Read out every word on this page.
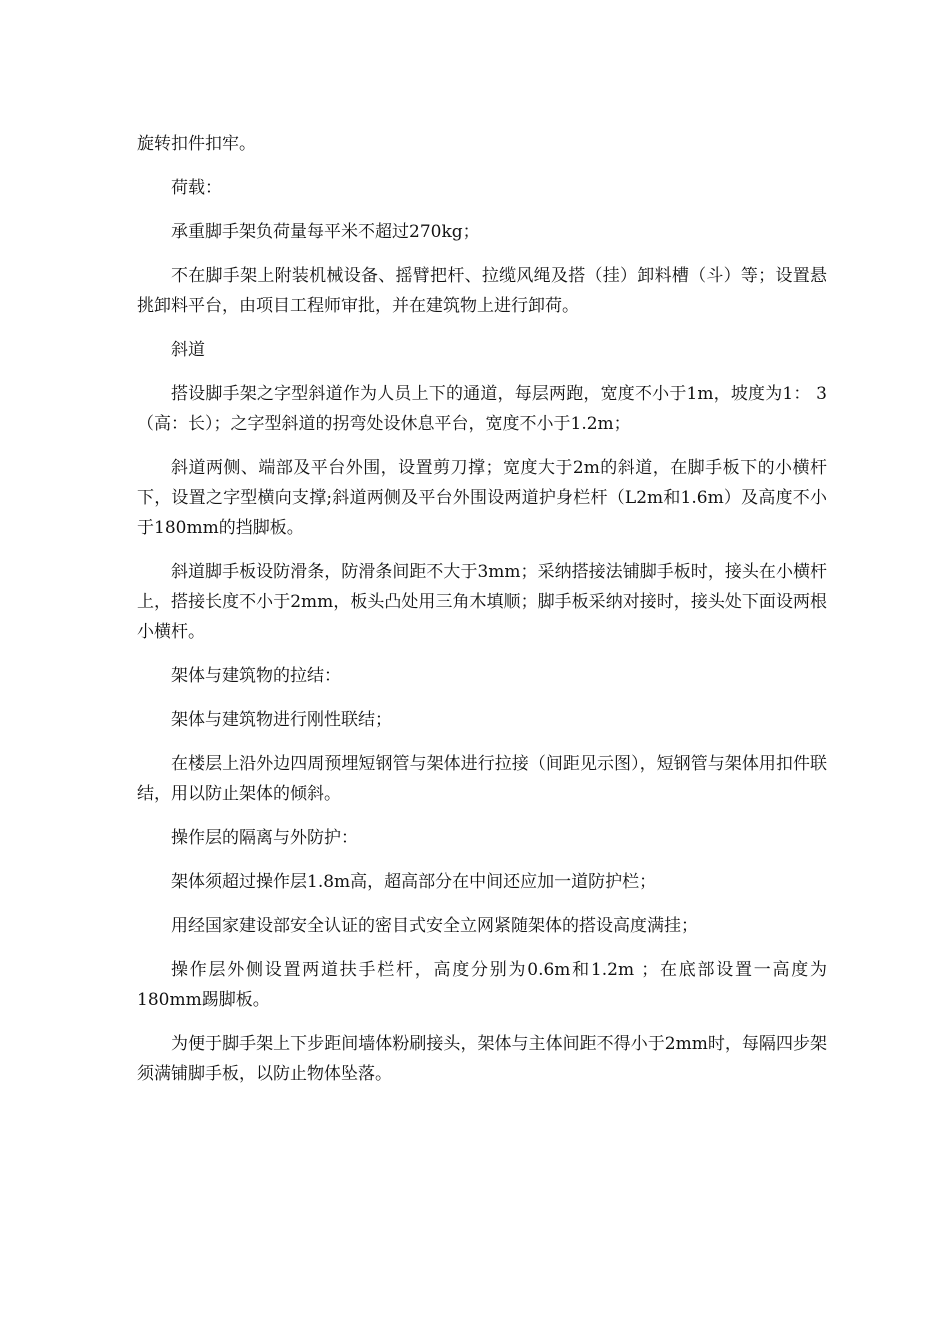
旋转扣件扣牢。

荷载：

承重脚手架负荷量每平米不超过270kg；

不在脚手架上附装机械设备、摇臂把杆、拉缆风绳及搭（挂）卸料槽（斗）等；设置悬挑卸料平台，由项目工程师审批，并在建筑物上进行卸荷。

斜道

搭设脚手架之字型斜道作为人员上下的通道，每层两跑，宽度不小于1m，坡度为1： 3（高：长）；之字型斜道的拐弯处设休息平台，宽度不小于1.2m；

斜道两侧、端部及平台外围，设置剪刀撑；宽度大于2m的斜道，在脚手板下的小横杆下，设置之字型横向支撑;斜道两侧及平台外围设两道护身栏杆（L2m和1.6m）及高度不小于180mm的挡脚板。

斜道脚手板设防滑条，防滑条间距不大于3mm；采纳搭接法铺脚手板时，接头在小横杆上，搭接长度不小于2mm，板头凸处用三角木填顺；脚手板采纳对接时，接头处下面设两根小横杆。

架体与建筑物的拉结：

架体与建筑物进行刚性联结；

在楼层上沿外边四周预埋短钢管与架体进行拉接（间距见示图），短钢管与架体用扣件联结，用以防止架体的倾斜。

操作层的隔离与外防护：

架体须超过操作层1.8m高，超高部分在中间还应加一道防护栏；

用经国家建设部安全认证的密目式安全立网紧随架体的搭设高度满挂；

操作层外侧设置两道扶手栏杆，高度分别为0.6m和1.2m ；在底部设置一高度为180mm踢脚板。

为便于脚手架上下步距间墙体粉刷接头，架体与主体间距不得小于2mm时，每隔四步架须满铺脚手板，以防止物体坠落。
